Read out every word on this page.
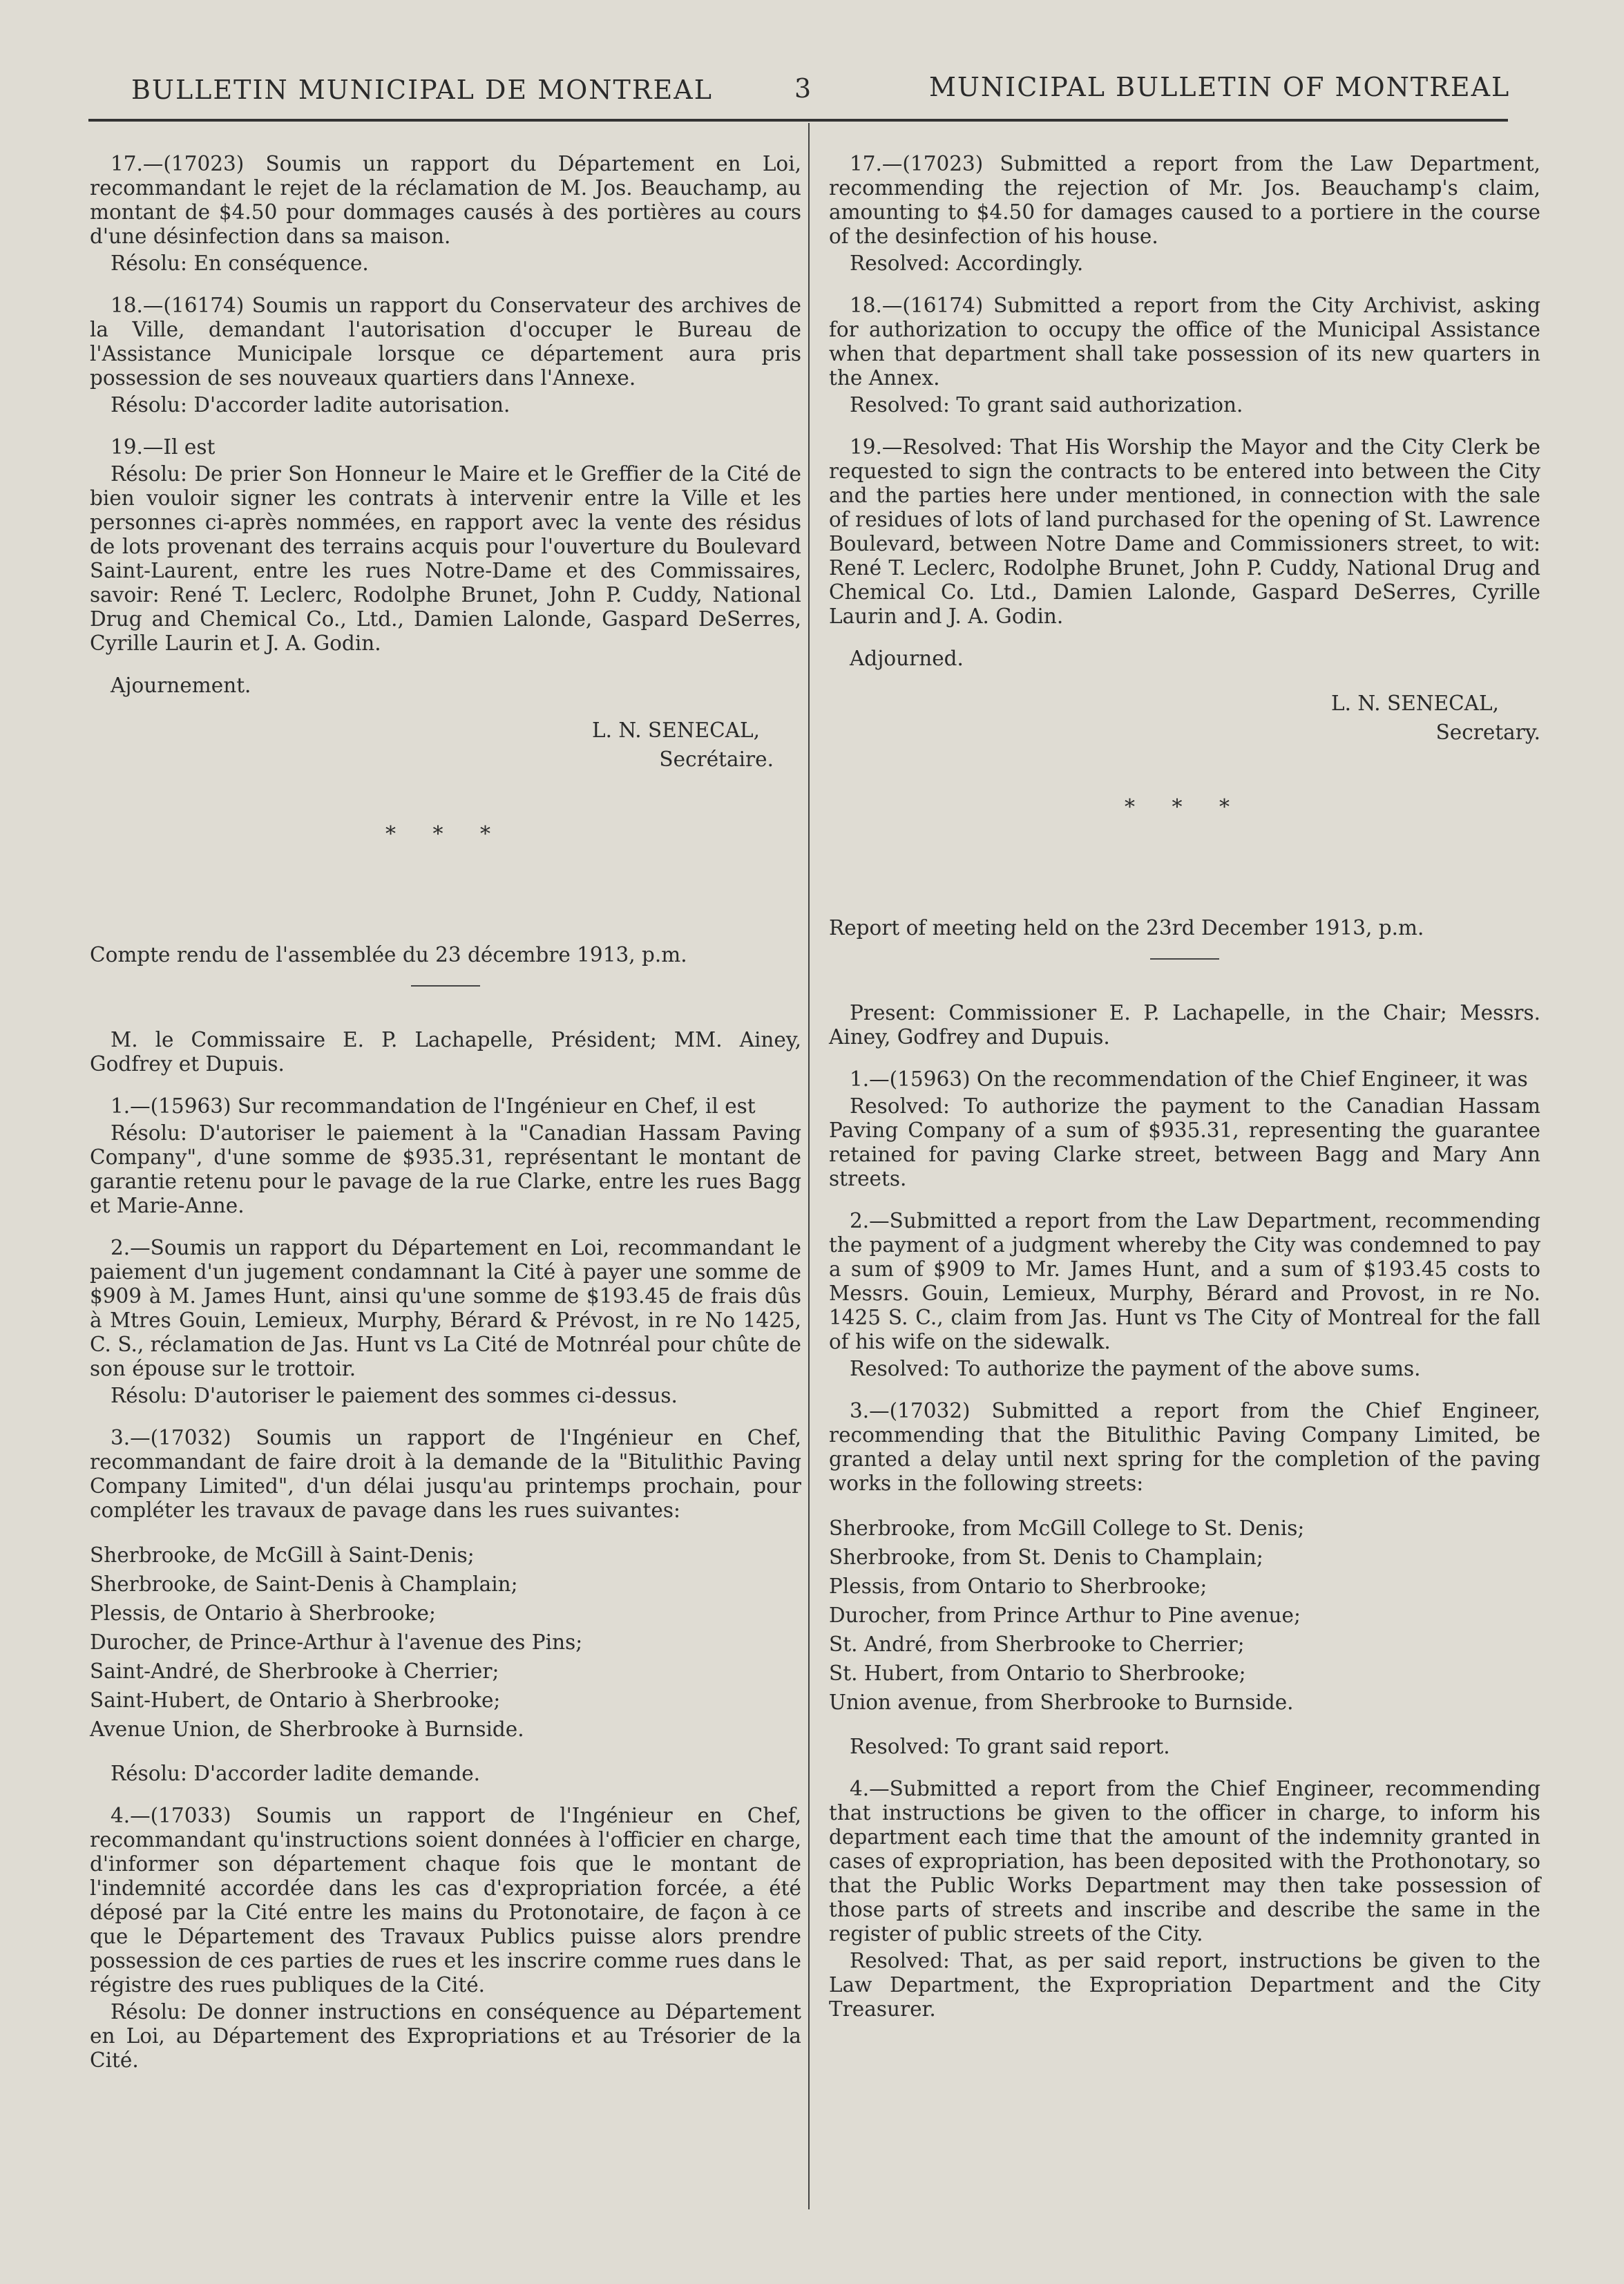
BULLETIN MUNICIPAL DE MONTREAL	3	MUNICIPAL BULLETIN OF MONTREAL

17.—(17023) Soumis un rapport du Département en Loi, recommandant le rejet de la réclamation de M. Jos. Beauchamp, au montant de $4.50 pour dommages causés à des portières au cours d'une désinfection dans sa maison.

Résolu: En conséquence.

18.—(16174) Soumis un rapport du Conservateur des archives de la Ville, demandant l'autorisation d'occuper le Bureau de l'Assistance Municipale lorsque ce département aura pris possession de ses nouveaux quartiers dans l'Annexe.

Résolu: D'accorder ladite autorisation.

19.—Il est

Résolu: De prier Son Honneur le Maire et le Greffier de la Cité de bien vouloir signer les contrats à intervenir entre la Ville et les personnes ci-après nommées, en rapport avec la vente des résidus de lots provenant des terrains acquis pour l'ouverture du Boulevard Saint-Laurent, entre les rues Notre-Dame et des Commissaires, savoir: René T. Leclerc, Rodolphe Brunet, John P. Cuddy, National Drug and Chemical Co., Ltd., Damien Lalonde, Gaspard DeSerres, Cyrille Laurin et J. A. Godin.

Ajournement.

L. N. SENECAL,
Secrétaire.
* * *

Compte rendu de l'assemblée du 23 décembre 1913, p.m.

M. le Commissaire E. P. Lachapelle, Président; MM. Ainey, Godfrey et Dupuis.

1.—(15963) Sur recommandation de l'Ingénieur en Chef, il est

Résolu: D'autoriser le paiement à la "Canadian Hassam Paving Company", d'une somme de $935.31, représentant le montant de garantie retenu pour le pavage de la rue Clarke, entre les rues Bagg et Marie-Anne.

2.—Soumis un rapport du Département en Loi, recommandant le paiement d'un jugement condamnant la Cité à payer une somme de $909 à M. James Hunt, ainsi qu'une somme de $193.45 de frais dûs à Mtres Gouin, Lemieux, Murphy, Bérard & Prévost, in re No 1425, C. S., réclamation de Jas. Hunt vs La Cité de Motnréal pour chûte de son épouse sur le trottoir.

Résolu: D'autoriser le paiement des sommes ci-dessus.

3.—(17032) Soumis un rapport de l'Ingénieur en Chef, recommandant de faire droit à la demande de la "Bitulithic Paving Company Limited", d'un délai jusqu'au printemps prochain, pour compléter les travaux de pavage dans les rues suivantes:

Sherbrooke, de McGill à Saint-Denis;
Sherbrooke, de Saint-Denis à Champlain;
Plessis, de Ontario à Sherbrooke;
Durocher, de Prince-Arthur à l'avenue des Pins;
Saint-André, de Sherbrooke à Cherrier;
Saint-Hubert, de Ontario à Sherbrooke;
Avenue Union, de Sherbrooke à Burnside.

Résolu: D'accorder ladite demande.

4.—(17033) Soumis un rapport de l'Ingénieur en Chef, recommandant qu'instructions soient données à l'officier en charge, d'informer son département chaque fois que le montant de l'indemnité accordée dans les cas d'expropriation forcée, a été déposé par la Cité entre les mains du Protonotaire, de façon à ce que le Département des Travaux Publics puisse alors prendre possession de ces parties de rues et les inscrire comme rues dans le régistre des rues publiques de la Cité.

Résolu: De donner instructions en conséquence au Département en Loi, au Département des Expropriations et au Trésorier de la Cité.

17.—(17023) Submitted a report from the Law Department, recommending the rejection of Mr. Jos. Beauchamp's claim, amounting to $4.50 for damages caused to a portiere in the course of the desinfection of his house.

Resolved: Accordingly.

18.—(16174) Submitted a report from the City Archivist, asking for authorization to occupy the office of the Municipal Assistance when that department shall take possession of its new quarters in the Annex.

Resolved: To grant said authorization.

19.—Resolved: That His Worship the Mayor and the City Clerk be requested to sign the contracts to be entered into between the City and the parties here under mentioned, in connection with the sale of residues of lots of land purchased for the opening of St. Lawrence Boulevard, between Notre Dame and Commissioners street, to wit: René T. Leclerc, Rodolphe Brunet, John P. Cuddy, National Drug and Chemical Co. Ltd., Damien Lalonde, Gaspard DeSerres, Cyrille Laurin and J. A. Godin.

Adjourned.

L. N. SENECAL,
Secretary.
* * *

Report of meeting held on the 23rd December 1913, p.m.

Present: Commissioner E. P. Lachapelle, in the Chair; Messrs. Ainey, Godfrey and Dupuis.

1.—(15963) On the recommendation of the Chief Engineer, it was

Resolved: To authorize the payment to the Canadian Hassam Paving Company of a sum of $935.31, representing the guarantee retained for paving Clarke street, between Bagg and Mary Ann streets.

2.—Submitted a report from the Law Department, recommending the payment of a judgment whereby the City was condemned to pay a sum of $909 to Mr. James Hunt, and a sum of $193.45 costs to Messrs. Gouin, Lemieux, Murphy, Bérard and Provost, in re No. 1425 S. C., claim from Jas. Hunt vs The City of Montreal for the fall of his wife on the sidewalk.

Resolved: To authorize the payment of the above sums.

3.—(17032) Submitted a report from the Chief Engineer, recommending that the Bitulithic Paving Company Limited, be granted a delay until next spring for the completion of the paving works in the following streets:

Sherbrooke, from McGill College to St. Denis;
Sherbrooke, from St. Denis to Champlain;
Plessis, from Ontario to Sherbrooke;
Durocher, from Prince Arthur to Pine avenue;
St. André, from Sherbrooke to Cherrier;
St. Hubert, from Ontario to Sherbrooke;
Union avenue, from Sherbrooke to Burnside.

Resolved: To grant said report.

4.—Submitted a report from the Chief Engineer, recommending that instructions be given to the officer in charge, to inform his department each time that the amount of the indemnity granted in cases of expropriation, has been deposited with the Prothonotary, so that the Public Works Department may then take possession of those parts of streets and inscribe and describe the same in the register of public streets of the City.

Resolved: That, as per said report, instructions be given to the Law Department, the Expropriation Department and the City Treasurer.
